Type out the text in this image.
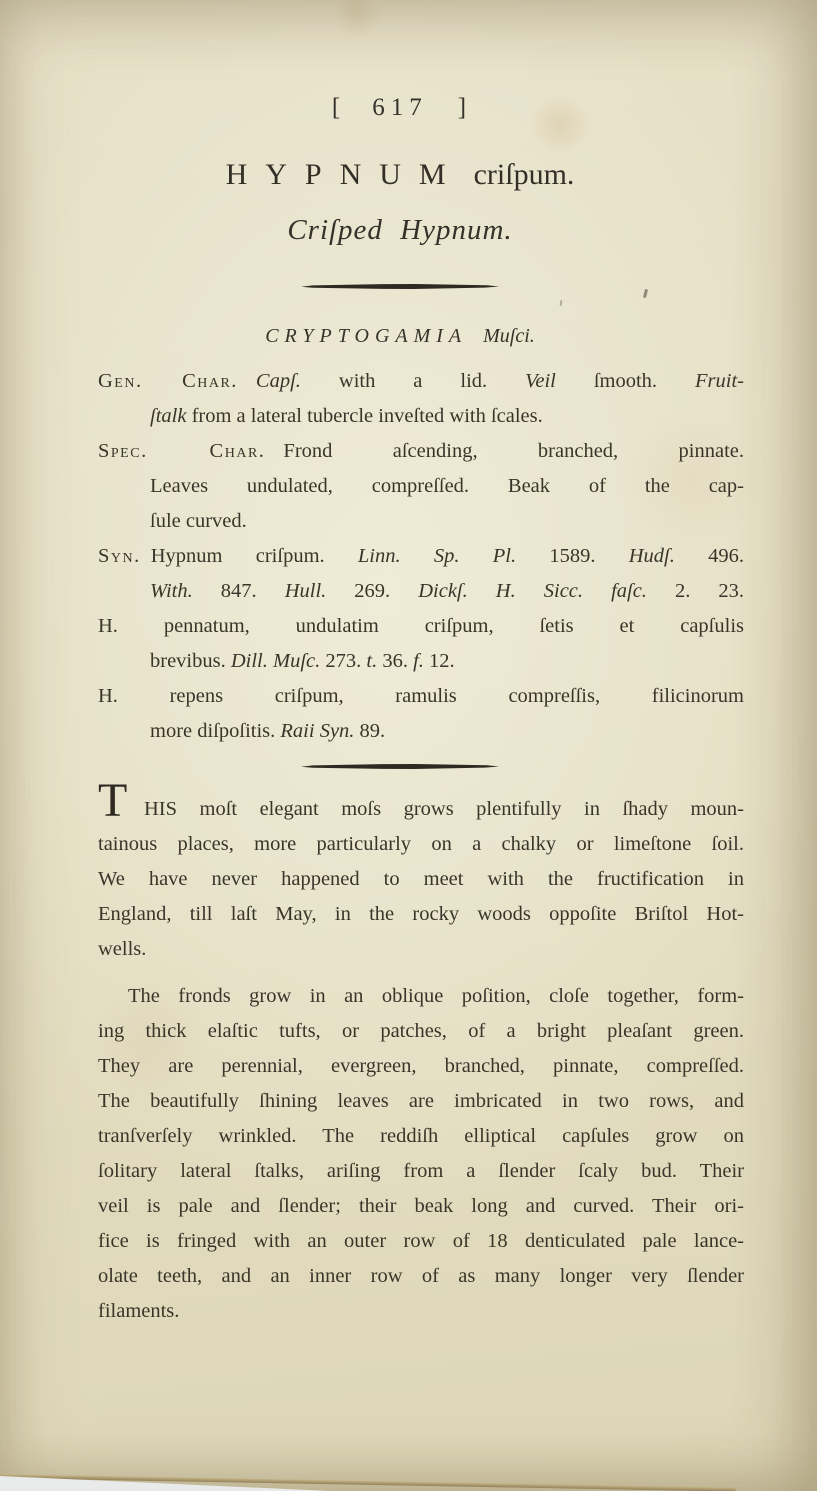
[ 617 ]
HYPNUM criſpum.
Criſped Hypnum.
CRYPTOGAMIA Muſci.
Gen. Char. Capſ. with a lid. Veil ſmooth. Fruit-
ſtalk from a lateral tubercle inveſted with ſcales.
Spec. Char. Frond aſcending, branched, pinnate.
Leaves undulated, compreſſed. Beak of the cap-
ſule curved.
Syn. Hypnum criſpum. Linn. Sp. Pl. 1589. Hudſ. 496.
With. 847. Hull. 269. Dickſ. H. Sicc. faſc. 2. 23.
H. pennatum, undulatim criſpum, ſetis et capſulis
brevibus. Dill. Muſc. 273. t. 36. f. 12.
H. repens criſpum, ramulis compreſſis, filicinorum
more diſpoſitis. Raii Syn. 89.
T HIS moſt elegant moſs grows plentifully in ſhady moun-
tainous places, more particularly on a chalky or limeſtone ſoil.
We have never happened to meet with the fructification in
England, till laſt May, in the rocky woods oppoſite Briſtol Hot-
wells.
The fronds grow in an oblique poſition, cloſe together, form-
ing thick elaſtic tufts, or patches, of a bright pleaſant green.
They are perennial, evergreen, branched, pinnate, compreſſed.
The beautifully ſhining leaves are imbricated in two rows, and
tranſverſely wrinkled. The reddiſh elliptical capſules grow on
ſolitary lateral ſtalks, ariſing from a ſlender ſcaly bud. Their
veil is pale and ſlender; their beak long and curved. Their ori-
fice is fringed with an outer row of 18 denticulated pale lance-
olate teeth, and an inner row of as many longer very ſlender
filaments.
